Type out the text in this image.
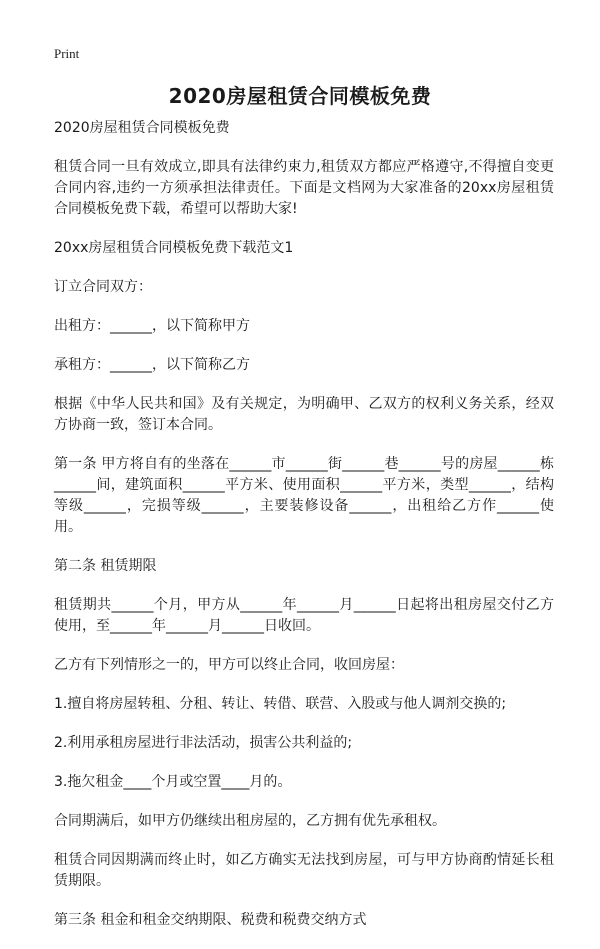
Print
2020房屋租赁合同模板免费

2020房屋租赁合同模板免费

租赁合同一旦有效成立,即具有法律约束力,租赁双方都应严格遵守,不得擅自变更合同内容,违约一方须承担法律责任。下面是文档网为大家准备的20xx房屋租赁合同模板免费下载，希望可以帮助大家!

20xx房屋租赁合同模板免费下载范文1

订立合同双方：

出租方：______，以下简称甲方

承租方：______，以下简称乙方

根据《中华人民共和国》及有关规定，为明确甲、乙双方的权利义务关系，经双方协商一致，签订本合同。

第一条 甲方将自有的坐落在______市______街______巷______号的房屋______栋______间，建筑面积______平方米、使用面积______平方米，类型______，结构等级______，完损等级______，主要装修设备______，出租给乙方作______使用。

第二条 租赁期限

租赁期共______个月，甲方从______年______月______日起将出租房屋交付乙方使用，至______年______月______日收回。

乙方有下列情形之一的，甲方可以终止合同，收回房屋：

1.擅自将房屋转租、分租、转让、转借、联营、入股或与他人调剂交换的;

2.利用承租房屋进行非法活动，损害公共利益的;

3.拖欠租金____个月或空置____月的。

合同期满后，如甲方仍继续出租房屋的，乙方拥有优先承租权。

租赁合同因期满而终止时，如乙方确实无法找到房屋，可与甲方协商酌情延长租赁期限。

第三条 租金和租金交纳期限、税费和税费交纳方式
